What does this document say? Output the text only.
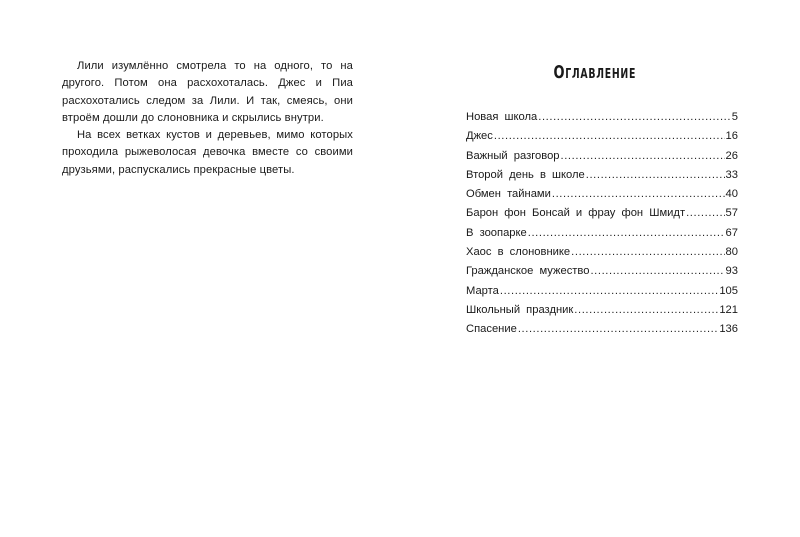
Лили изумлённо смотрела то на одного, то на другого. Потом она расхохоталась. Джес и Пиа расхохотались следом за Лили. И так, смеясь, они втроём дошли до слоновника и скрылись внутри.

На всех ветках кустов и деревьев, мимо которых проходила рыжеволосая девочка вместе со своими друзьями, распускались прекрасные цветы.

Оглавление
Новая школа .....	5
Джес .....	16
Важный разговор .....	26
Второй день в школе .....	33
Обмен тайнами .....	40
Барон фон Бонсай и фрау фон Шмидт .....	57
В зоопарке .....	67
Хаос в слоновнике .....	80
Гражданское мужество .....	93
Марта .....	105
Школьный праздник .....	121
Спасение .....	136
